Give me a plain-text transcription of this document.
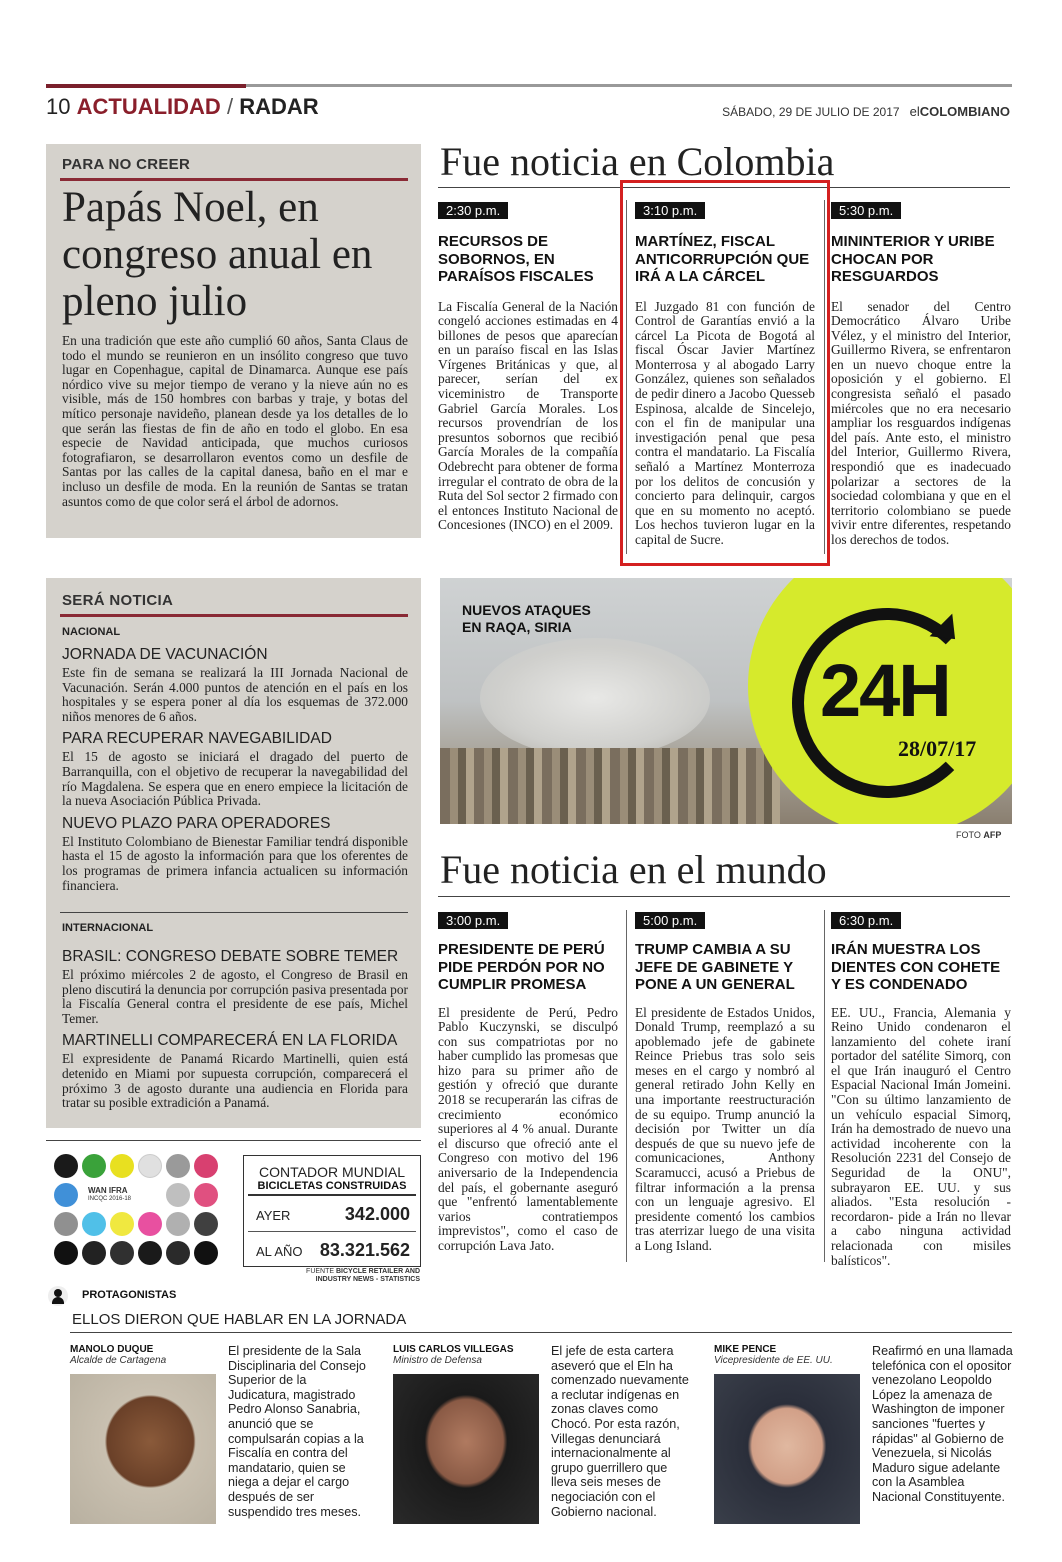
10 ACTUALIDAD / RADAR	SÁBADO, 29 DE JULIO DE 2017 elCOLOMBIANO
PARA NO CREER
Papás Noel, en congreso anual en pleno julio
En una tradición que este año cumplió 60 años, Santa Claus de todo el mundo se reunieron en un insólito congreso que tuvo lugar en Copenhague, capital de Dinamarca. Aunque ese país nórdico vive su mejor tiempo de verano y la nieve aún no es visible, más de 150 hombres con barbas y traje, y botas del mítico personaje navideño, planean desde ya los detalles de lo que serán las fiestas de fin de año en todo el globo. En esa especie de Navidad anticipada, que muchos curiosos fotografiaron, se desarrollaron eventos como un desfile de Santas por las calles de la capital danesa, baño en el mar e incluso un desfile de moda. En la reunión de Santas se tratan asuntos como de que color será el árbol de adornos.
Fue noticia en Colombia
2:30 p.m.
RECURSOS DE SOBORNOS, EN PARAÍSOS FISCALES
La Fiscalía General de la Nación congeló acciones estimadas en 4 billones de pesos que aparecían en un paraíso fiscal en las Islas Vírgenes Británicas y que, al parecer, serían del ex viceministro de Transporte Gabriel García Morales. Los recursos provendrían de los presuntos sobornos que recibió García Morales de la compañía Odebrecht para obtener de forma irregular el contrato de obra de la Ruta del Sol sector 2 firmado con el entonces Instituto Nacional de Concesiones (INCO) en el 2009.
3:10 p.m.
MARTÍNEZ, FISCAL ANTICORRUPCIÓN QUE IRÁ A LA CÁRCEL
El Juzgado 81 con función de Control de Garantías envió a la cárcel La Picota de Bogotá al fiscal Óscar Javier Martínez Monterrosa y al abogado Larry González, quienes son señalados de pedir dinero a Jacobo Quesseb Espinosa, alcalde de Sincelejo, con el fin de manipular una investigación penal que pesa contra el mandatario. La Fiscalía señaló a Martínez Monterroza por los delitos de concusión y concierto para delinquir, cargos que en su momento no aceptó. Los hechos tuvieron lugar en la capital de Sucre.
5:30 p.m.
MININTERIOR Y URIBE CHOCAN POR RESGUARDOS
El senador del Centro Democrático Álvaro Uribe Vélez, y el ministro del Interior, Guillermo Rivera, se enfrentaron en un nuevo choque entre la oposición y el gobierno. El congresista señaló el pasado miércoles que no era necesario ampliar los resguardos indígenas del país. Ante esto, el ministro del Interior, Guillermo Rivera, respondió que es inadecuado polarizar a sectores de la sociedad colombiana y que en el territorio colombiano se puede vivir entre diferentes, respetando los derechos de todos.
SERÁ NOTICIA
NACIONAL
JORNADA DE VACUNACIÓN
Este fin de semana se realizará la III Jornada Nacional de Vacunación. Serán 4.000 puntos de atención en el país en los hospitales y se espera poner al día los esquemas de 372.000 niños menores de 6 años.
PARA RECUPERAR NAVEGABILIDAD
El 15 de agosto se iniciará el dragado del puerto de Barranquilla, con el objetivo de recuperar la navegabilidad del río Magdalena. Se espera que en enero empiece la licitación de la nueva Asociación Pública Privada.
NUEVO PLAZO PARA OPERADORES
El Instituto Colombiano de Bienestar Familiar tendrá disponible hasta el 15 de agosto la información para que los oferentes de los programas de primera infancia actualicen su información financiera.
INTERNACIONAL
BRASIL: CONGRESO DEBATE SOBRE TEMER
El próximo miércoles 2 de agosto, el Congreso de Brasil en pleno discutirá la denuncia por corrupción pasiva presentada por la Fiscalía General contra el presidente de ese país, Michel Temer.
MARTINELLI COMPARECERÁ EN LA FLORIDA
El expresidente de Panamá Ricardo Martinelli, quien está detenido en Miami por supuesta corrupción, comparecerá el próximo 3 de agosto durante una audiencia en Florida para tratar su posible extradición a Panamá.
NUEVOS ATAQUES EN RAQA, SIRIA
24H
28/07/17
FOTO AFP
Fue noticia en el mundo
3:00 p.m.
PRESIDENTE DE PERÚ PIDE PERDÓN POR NO CUMPLIR PROMESA
El presidente de Perú, Pedro Pablo Kuczynski, se disculpó con sus compatriotas por no haber cumplido las promesas que hizo para su primer año de gestión y ofreció que durante 2018 se recuperarán las cifras de crecimiento económico superiores al 4 % anual. Durante el discurso que ofreció ante el Congreso con motivo del 196 aniversario de la Independencia del país, el gobernante aseguró que "enfrentó lamentablemente varios contratiempos imprevistos", como el caso de corrupción Lava Jato.
5:00 p.m.
TRUMP CAMBIA A SU JEFE DE GABINETE Y PONE A UN GENERAL
El presidente de Estados Unidos, Donald Trump, reemplazó a su apoblemado jefe de gabinete Reince Priebus tras solo seis meses en el cargo y nombró al general retirado John Kelly en una importante reestructuración de su equipo. Trump anunció la decisión por Twitter un día después de que su nuevo jefe de comunicaciones, Anthony Scaramucci, acusó a Priebus de filtrar información a la prensa con un lenguaje agresivo. El presidente comentó los cambios tras aterrizar luego de una visita a Long Island.
6:30 p.m.
IRÁN MUESTRA LOS DIENTES CON COHETE Y ES CONDENADO
EE. UU., Francia, Alemania y Reino Unido condenaron el lanzamiento del cohete iraní portador del satélite Simorq, con el que Irán inauguró el Centro Espacial Nacional Imán Jomeini. "Con su último lanzamiento de un vehículo espacial Simorq, Irán ha demostrado de nuevo una actividad incoherente con la Resolución 2231 del Consejo de Seguridad de la ONU", subrayaron EE. UU. y sus aliados. "Esta resolución -recordaron- pide a Irán no llevar a cabo ninguna actividad relacionada con misiles balísticos".
WAN IFRA
INCQC 2016-18
CONTADOR MUNDIAL
BICICLETAS CONSTRUIDAS
AYER	342.000
AL AÑO 83.321.562
FUENTE BICYCLE RETAILER AND INDUSTRY NEWS - STATISTICS
PROTAGONISTAS
ELLOS DIERON QUE HABLAR EN LA JORNADA
MANOLO DUQUE
Alcalde de Cartagena
El presidente de la Sala Disciplinaria del Consejo Superior de la Judicatura, magistrado Pedro Alonso Sanabria, anunció que se compulsarán copias a la Fiscalía en contra del mandatario, quien se niega a dejar el cargo después de ser suspendido tres meses.
LUIS CARLOS VILLEGAS
Ministro de Defensa
El jefe de esta cartera aseveró que el Eln ha comenzado nuevamente a reclutar indígenas en zonas claves como Chocó. Por esta razón, Villegas denunciará internacionalmente al grupo guerrillero que lleva seis meses de negociación con el Gobierno nacional.
MIKE PENCE
Vicepresidente de EE. UU.
Reafirmó en una llamada telefónica con el opositor venezolano Leopoldo López la amenaza de Washington de imponer sanciones "fuertes y rápidas" al Gobierno de Venezuela, si Nicolás Maduro sigue adelante con la Asamblea Nacional Constituyente.
